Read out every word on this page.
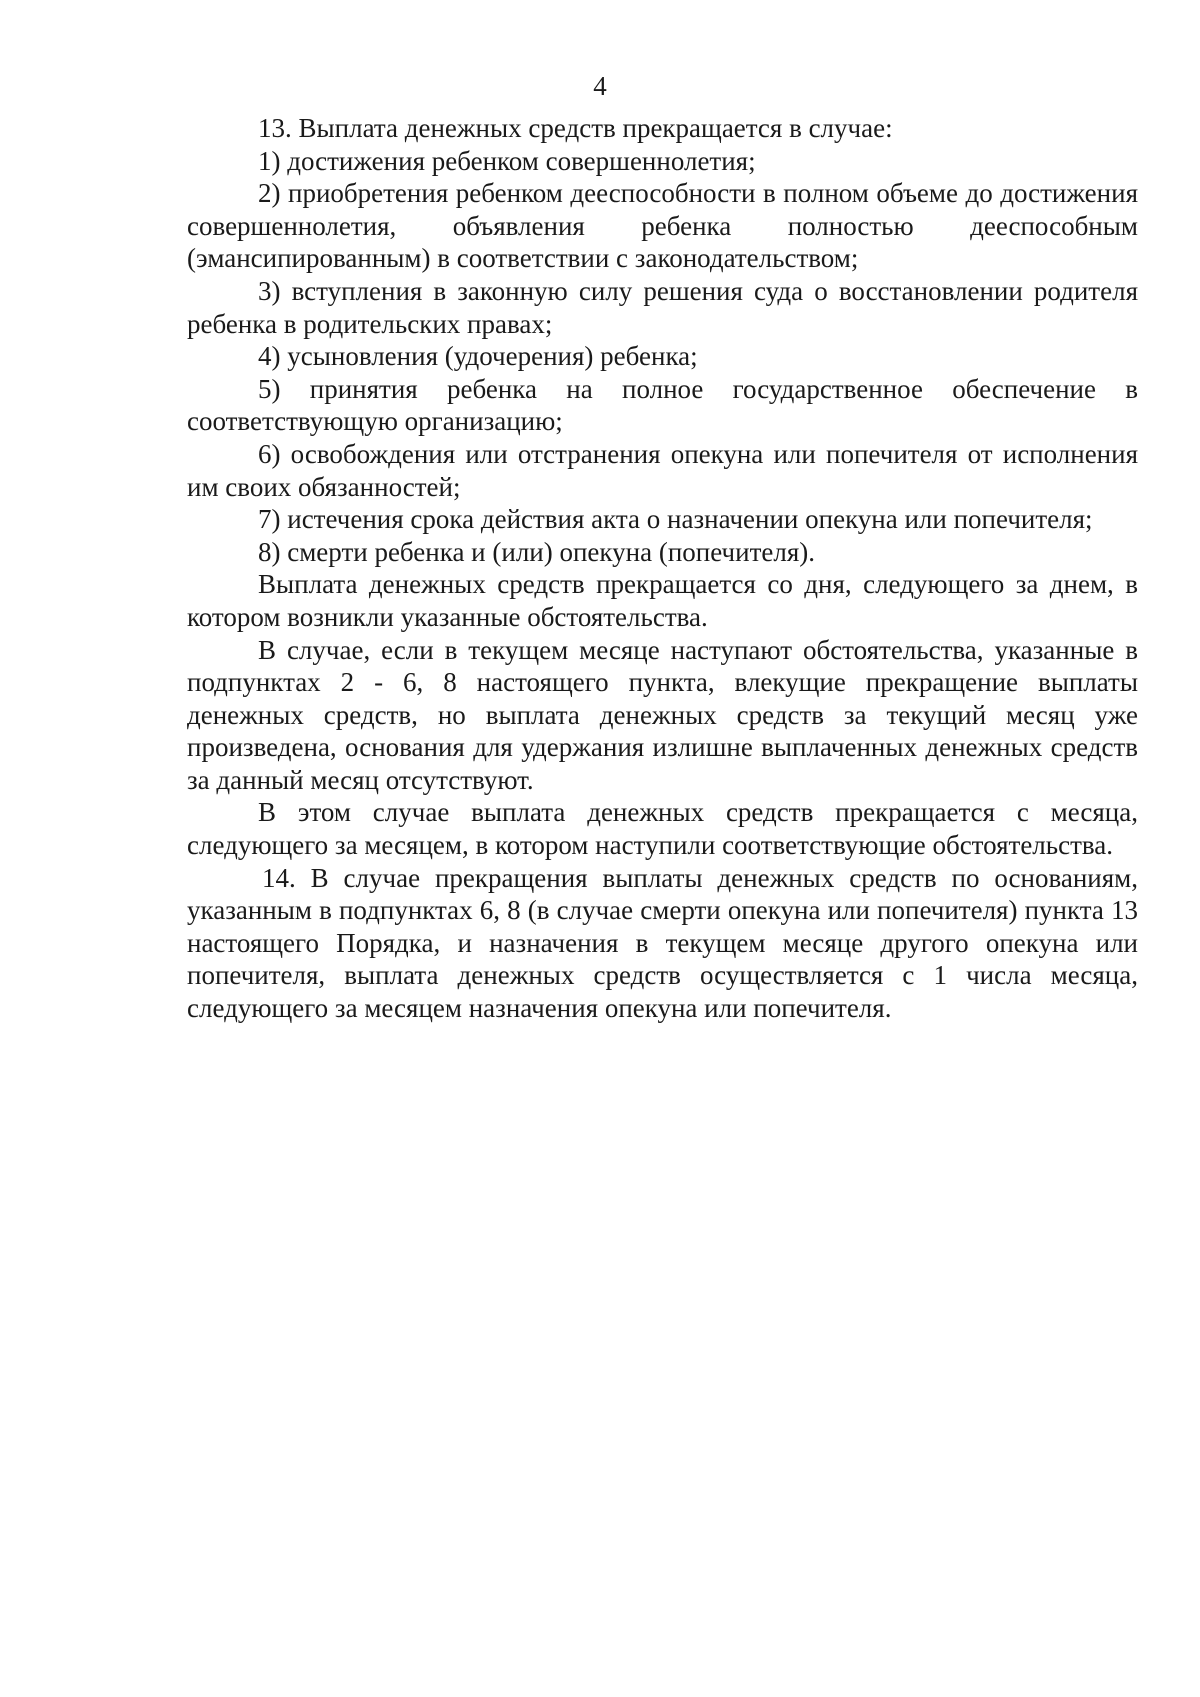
4

13. Выплата денежных средств прекращается в случае:

1) достижения ребенком совершеннолетия;

2) приобретения ребенком дееспособности в полном объеме до достижения совершеннолетия, объявления ребенка полностью дееспособным (эмансипированным) в соответствии с законодательством;

3) вступления в законную силу решения суда о восстановлении родителя ребенка в родительских правах;

4) усыновления (удочерения) ребенка;

5) принятия ребенка на полное государственное обеспечение в соответствующую организацию;

6) освобождения или отстранения опекуна или попечителя от исполнения им своих обязанностей;

7) истечения срока действия акта о назначении опекуна или попечителя;

8) смерти ребенка и (или) опекуна (попечителя).

Выплата денежных средств прекращается со дня, следующего за днем, в котором возникли указанные обстоятельства.

В случае, если в текущем месяце наступают обстоятельства, указанные в подпунктах 2 - 6, 8 настоящего пункта, влекущие прекращение выплаты денежных средств, но выплата денежных средств за текущий месяц уже произведена, основания для удержания излишне выплаченных денежных средств за данный месяц отсутствуют.

В этом случае выплата денежных средств прекращается с месяца, следующего за месяцем, в котором наступили соответствующие обстоятельства.

14. В случае прекращения выплаты денежных средств по основаниям, указанным в подпунктах 6, 8 (в случае смерти опекуна или попечителя) пункта 13 настоящего Порядка, и назначения в текущем месяце другого опекуна или попечителя, выплата денежных средств осуществляется с 1 числа месяца, следующего за месяцем назначения опекуна или попечителя.
